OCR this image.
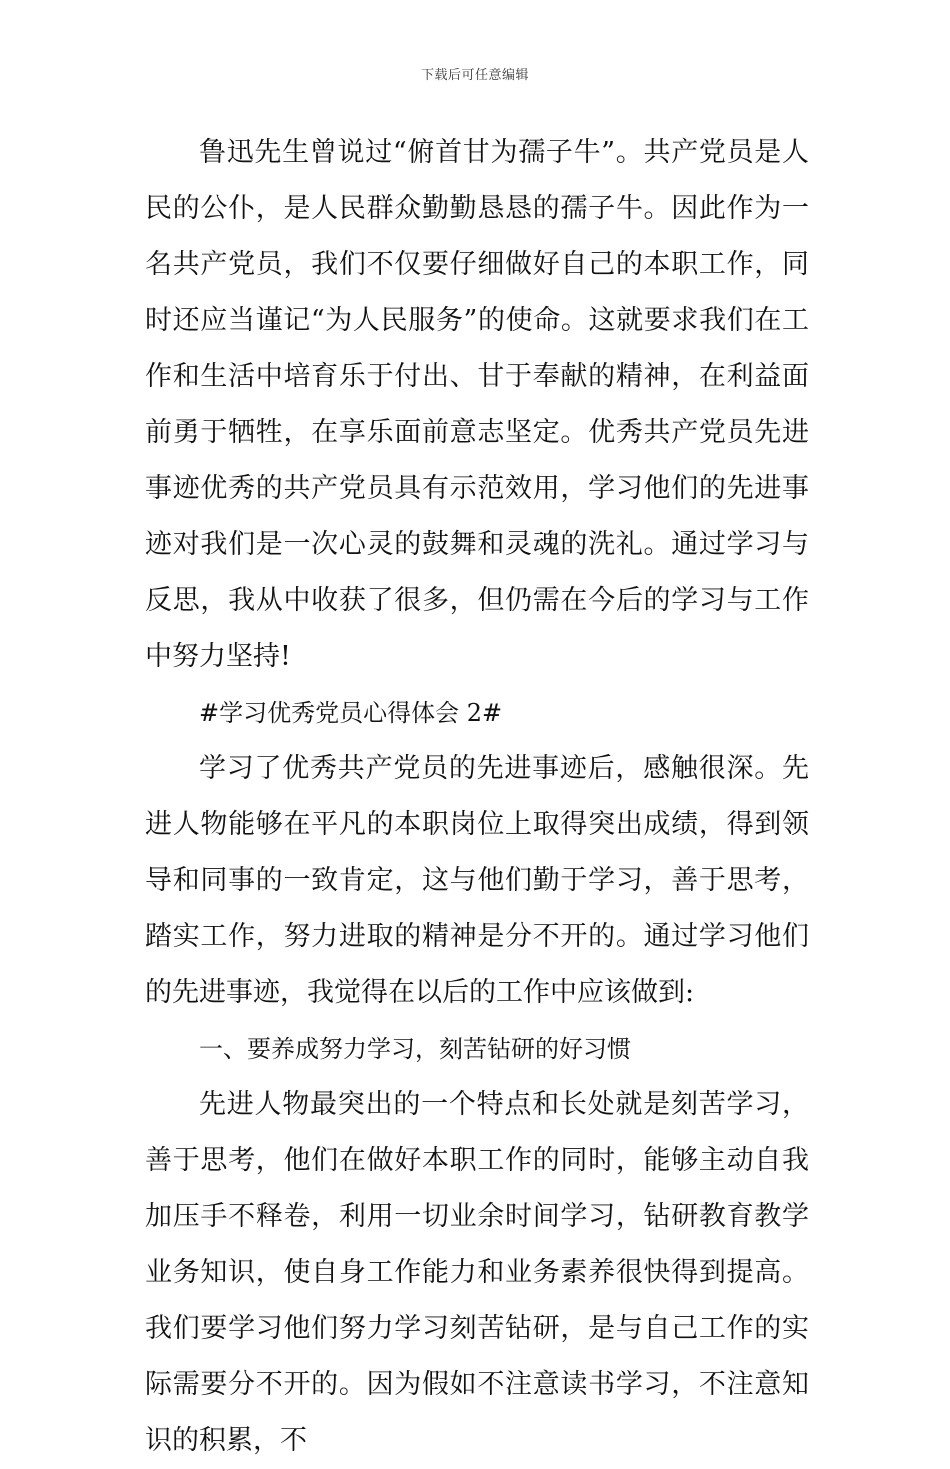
下载后可任意编辑

鲁迅先生曾说过“俯首甘为孺子牛”。共产党员是人民的公仆，是人民群众勤勤恳恳的孺子牛。因此作为一名共产党员，我们不仅要仔细做好自己的本职工作，同时还应当谨记“为人民服务”的使命。这就要求我们在工作和生活中培育乐于付出、甘于奉献的精神，在利益面前勇于牺牲，在享乐面前意志坚定。优秀共产党员先进事迹优秀的共产党员具有示范效用，学习他们的先进事迹对我们是一次心灵的鼓舞和灵魂的洗礼。通过学习与反思，我从中收获了很多，但仍需在今后的学习与工作中努力坚持!

#学习优秀党员心得体会 2#

学习了优秀共产党员的先进事迹后，感触很深。先进人物能够在平凡的本职岗位上取得突出成绩，得到领导和同事的一致肯定，这与他们勤于学习，善于思考，踏实工作，努力进取的精神是分不开的。通过学习他们的先进事迹，我觉得在以后的工作中应该做到:

一、要养成努力学习，刻苦钻研的好习惯

先进人物最突出的一个特点和长处就是刻苦学习，善于思考，他们在做好本职工作的同时，能够主动自我加压手不释卷，利用一切业余时间学习，钻研教育教学业务知识，使自身工作能力和业务素养很快得到提高。我们要学习他们努力学习刻苦钻研，是与自己工作的实际需要分不开的。因为假如不注意读书学习，不注意知识的积累，不
